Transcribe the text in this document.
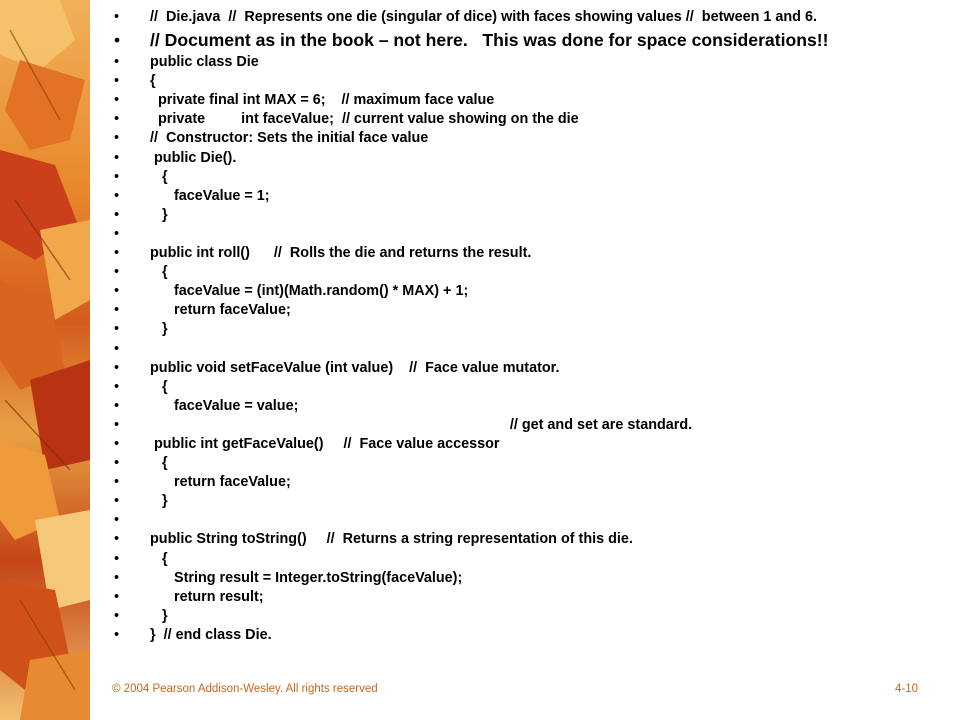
• //  Die.java  //  Represents one die (singular of dice) with faces showing values //  between 1 and 6.
• // Document as in the book – not here.   This was done for space considerations!!
• public class Die
• {
• private final int MAX = 6;    // maximum face value
• private         int faceValue;  // current value showing on the die
• //  Constructor: Sets the initial face value
• public Die().
• {
• faceValue = 1;
• }
•
• public int roll()      //  Rolls the die and returns the result.
• {
• faceValue = (int)(Math.random() * MAX) + 1;
• return faceValue;
• }
•
• public void setFaceValue (int value)    //  Face value mutator.
• {
• faceValue = value;
• // get and set are standard.
• public int getFaceValue()     //  Face value accessor
• {
• return faceValue;
• }
•
• public String toString()     //  Returns a string representation of this die.
• {
• String result = Integer.toString(faceValue);
• return result;
• }
• }  // end class Die.
© 2004 Pearson Addison-Wesley. All rights reserved	4-10
